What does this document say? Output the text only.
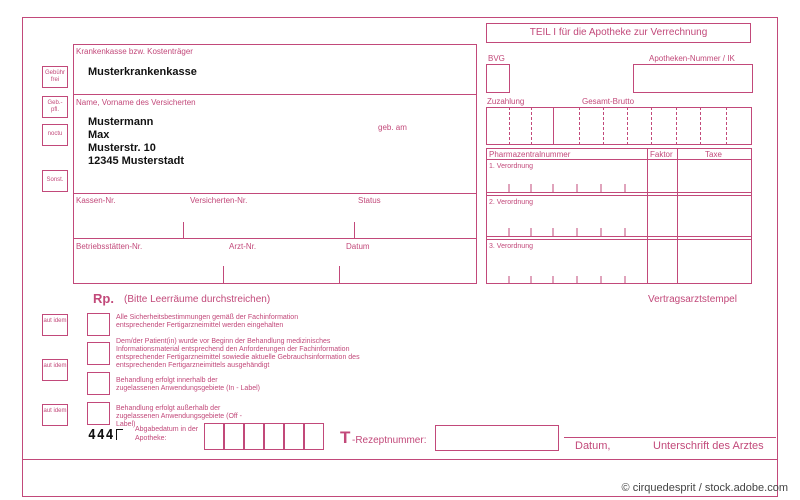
TEIL I für die Apotheke zur Verrechnung
Gebühr frei
Geb.- pfl.
noctu
Sonst.
Krankenkasse bzw. Kostenträger
Musterkrankenkasse
Name, Vorname des Versicherten
Mustermann
Max
Musterstr. 10
12345 Musterstadt
geb. am
Kassen-Nr.	Versicherten-Nr.	Status
Betriebsstätten-Nr.	Arzt-Nr.	Datum
BVG	Apotheken-Nummer / IK
Zuzahlung	Gesamt-Brutto
Pharmazentralnummer	Faktor	Taxe
1. Verordnung
2. Verordnung
3. Verordnung
Rp. (Bitte Leerräume durchstreichen)	Vertragsarztstempel
aut idem
aut idem
aut idem
Alle Sicherheitsbestimmungen gemäß der Fachinformation entsprechender Fertigarzneimittel werden eingehalten
Dem/der Patient(in) wurde vor Beginn der Behandlung medizinisches Informationsmaterial entsprechend den Anforderungen der Fachinformation entsprechender Fertigarzneimittel sowiedie aktuelle Gebrauchsinformation des entsprechenden Fertigarzneimittels ausgehändigt
Behandlung erfolgt innerhalb der zugelassenen Anwendungsgebiete (In - Label)
Behandlung erfolgt außerhalb der zugelassenen Anwendungsgebiete (Off - Label)
444	Abgabedatum in der Apotheke:	T -Rezeptnummer:	Datum,	Unterschrift des Arztes
© cirquedesprit / stock.adobe.com
